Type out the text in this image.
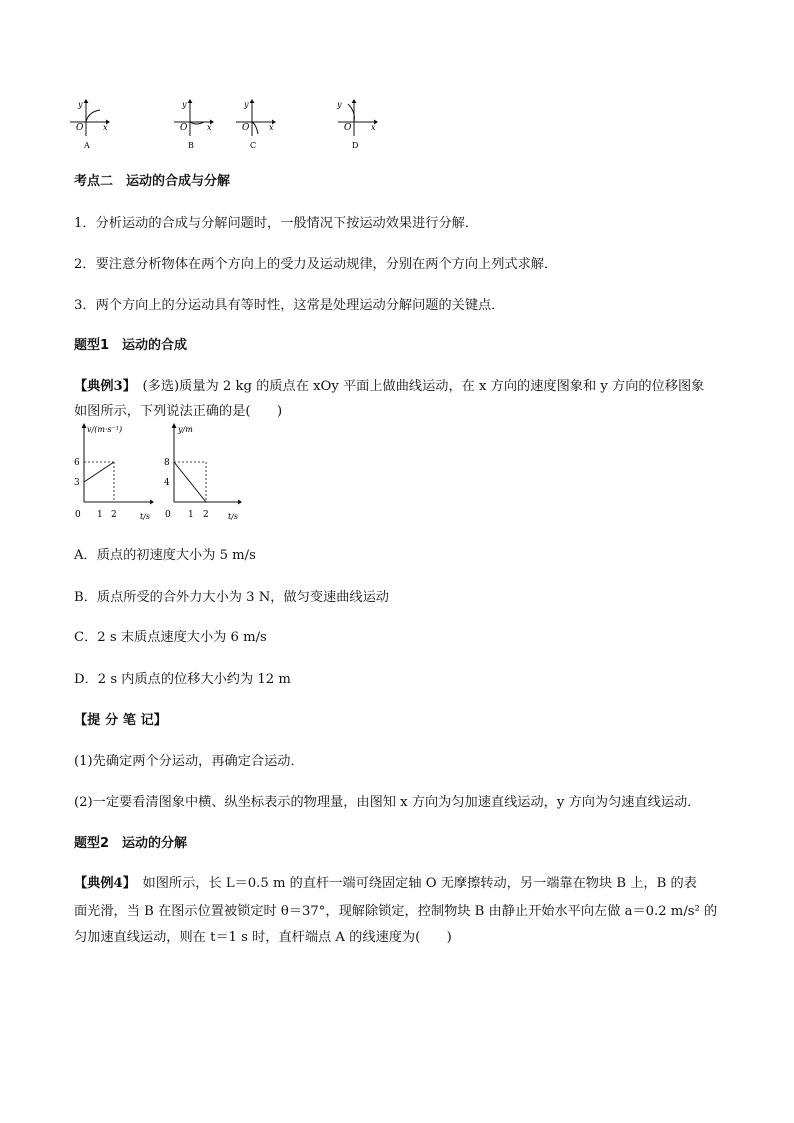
y
x
O
A
y
x
O
B
y
x
O
C
y
x
O
D
考点二　运动的合成与分解
1．分析运动的合成与分解问题时，一般情况下按运动效果进行分解．
2．要注意分析物体在两个方向上的受力及运动规律，分别在两个方向上列式求解．
3．两个方向上的分运动具有等时性，这常是处理运动分解问题的关键点．
题型1　运动的合成
【典例3】　(多选)质量为 2 kg 的质点在 xOy 平面上做曲线运动，在 x 方向的速度图象和 y 方向的位移图象
如图所示，下列说法正确的是(　　)
v/(m·s⁻¹)
6
3
0 1 2	t/s
y/m
8
4
0 1 2 t/s
A．质点的初速度大小为 5 m/s
B．质点所受的合外力大小为 3 N，做匀变速曲线运动
C．2 s 末质点速度大小为 6 m/s
D．2 s 内质点的位移大小约为 12 m
【提 分 笔 记】
(1)先确定两个分运动，再确定合运动．
(2)一定要看清图象中横、纵坐标表示的物理量，由图知 x 方向为匀加速直线运动，y 方向为匀速直线运动．
题型2　运动的分解
【典例4】　如图所示，长 L＝0.5 m 的直杆一端可绕固定轴 O 无摩擦转动，另一端靠在物块 B 上，B 的表
面光滑，当 B 在图示位置被锁定时 θ＝37°，现解除锁定，控制物块 B 由静止开始水平向左做 a＝0.2 m/s² 的
匀加速直线运动，则在 t＝1 s 时，直杆端点 A 的线速度为(　　)
